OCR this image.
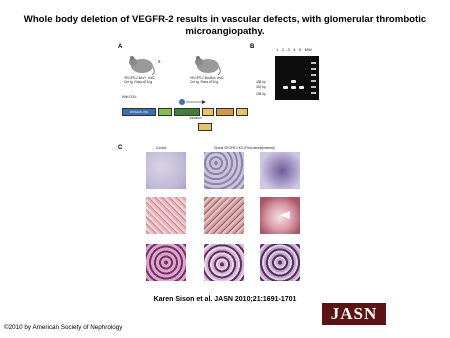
Whole body deletion of VEGFR-2 results in vascular defects, with glomerular thrombotic microangiopathy.
A
x
VEGFR-2 flox/+, tetO-Cre tg, Rosa-rtTA tg
VEGFR-2 flox/flox, tetO-Cre tg, Rosa-rtTA tg
With DOX:
ROSA26-rtTA
excision
B	1 2 3 4 5 MW
438 bp
302 bp
238 bp
C	Control	Global VEGFR-2 KO (Post-developmental)
Karen Sison et al. JASN 2010;21:1691-1701
©2010 by American Society of Nephrology
JASN
